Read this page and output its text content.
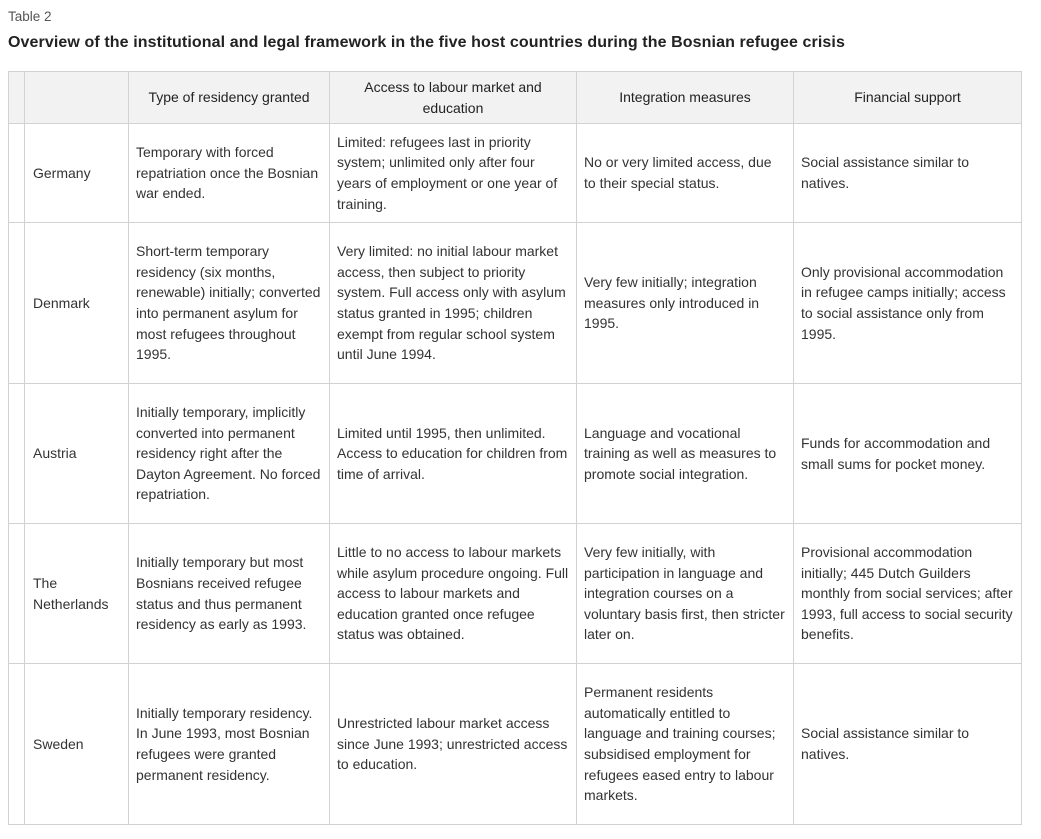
Table 2
Overview of the institutional and legal framework in the five host countries during the Bosnian refugee crisis
		Type of residency granted	Access to labour market and education	Integration measures	Financial support
	Germany	Temporary with forced repatriation once the Bosnian war ended.	Limited: refugees last in priority system; unlimited only after four years of employment or one year of training.	No or very limited access, due to their special status.	Social assistance similar to natives.
	Denmark	Short-term temporary residency (six months, renewable) initially; converted into permanent asylum for most refugees throughout 1995.	Very limited: no initial labour market access, then subject to priority system. Full access only with asylum status granted in 1995; children exempt from regular school system until June 1994.	Very few initially; integration measures only introduced in 1995.	Only provisional accommodation in refugee camps initially; access to social assistance only from 1995.
	Austria	Initially temporary, implicitly converted into permanent residency right after the Dayton Agreement. No forced repatriation.	Limited until 1995, then unlimited. Access to education for children from time of arrival.	Language and vocational training as well as measures to promote social integration.	Funds for accommodation and small sums for pocket money.
	The Netherlands	Initially temporary but most Bosnians received refugee status and thus permanent residency as early as 1993.	Little to no access to labour markets while asylum procedure ongoing. Full access to labour markets and education granted once refugee status was obtained.	Very few initially, with participation in language and integration courses on a voluntary basis first, then stricter later on.	Provisional accommodation initially; 445 Dutch Guilders monthly from social services; after 1993, full access to social security benefits.
	Sweden	Initially temporary residency. In June 1993, most Bosnian refugees were granted permanent residency.	Unrestricted labour market access since June 1993; unrestricted access to education.	Permanent residents automatically entitled to language and training courses; subsidised employment for refugees eased entry to labour markets.	Social assistance similar to natives.
